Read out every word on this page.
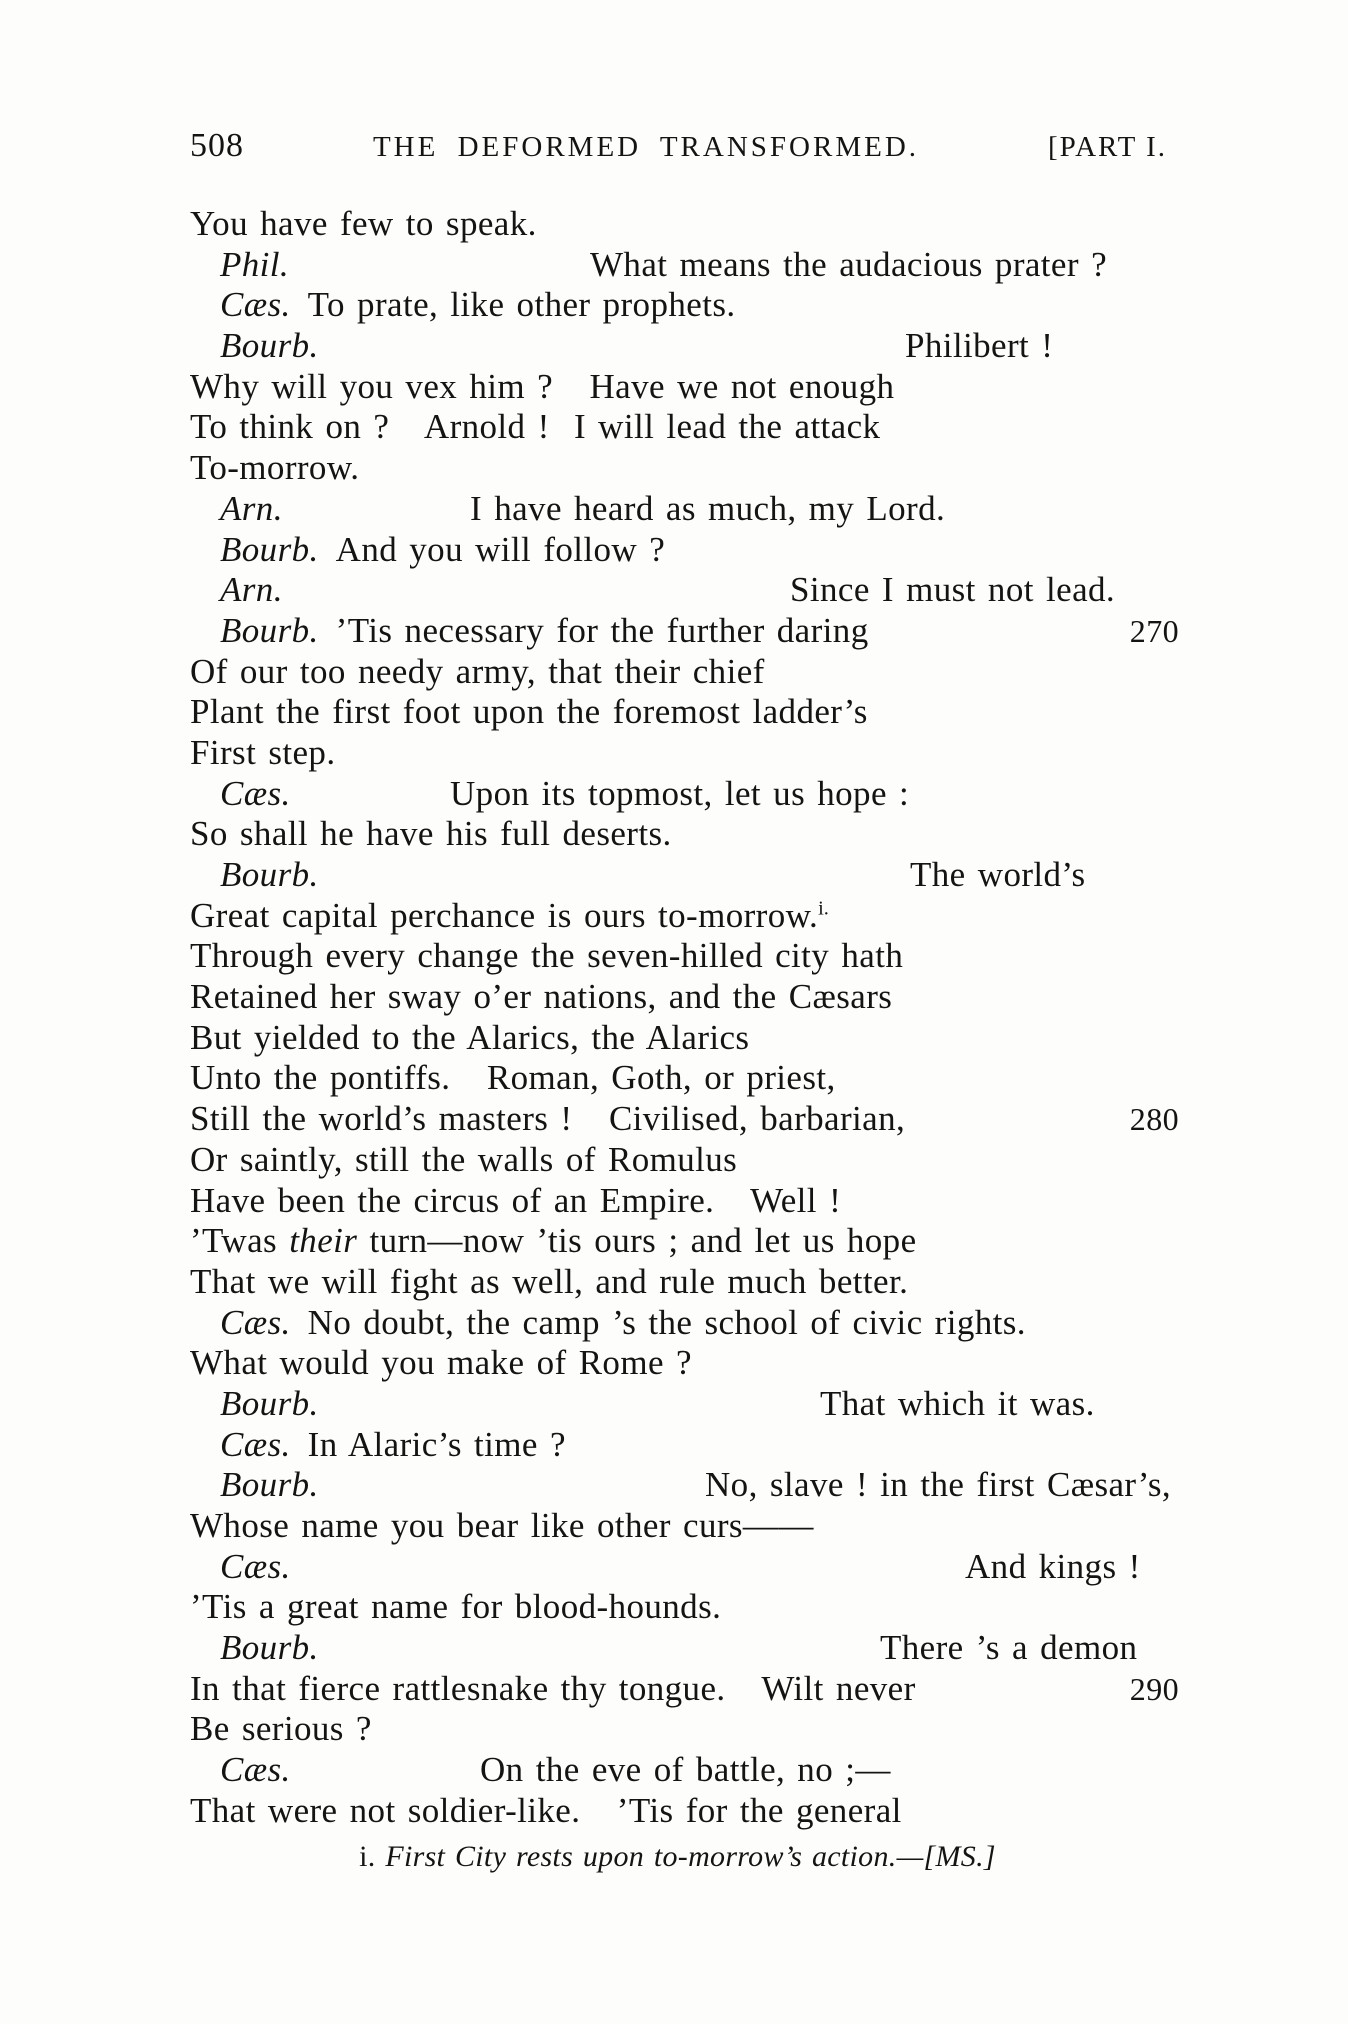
508	THE DEFORMED TRANSFORMED.	[PART I.
You have few to speak.
Phil.	What means the audacious prater ?
Cæs. To prate, like other prophets.
Bourb.	Philibert !
Why will you vex him ?   Have we not enough
To think on ?   Arnold !  I will lead the attack
To-morrow.
Arn.	I have heard as much, my Lord.
Bourb. And you will follow ?
Arn.	Since I must not lead.
Bourb. ’Tis necessary for the further daring	270
Of our too needy army, that their chief
Plant the first foot upon the foremost ladder’s
First step.
Cæs.	Upon its topmost, let us hope :
So shall he have his full deserts.
Bourb.	The world’s
Great capital perchance is ours to-morrow.$^{i.}$
Through every change the seven-hilled city hath
Retained her sway o’er nations, and the Cæsars
But yielded to the Alarics, the Alarics
Unto the pontiffs.   Roman, Goth, or priest,
Still the world’s masters !   Civilised, barbarian,	280
Or saintly, still the walls of Romulus
Have been the circus of an Empire.   Well !
’Twas their turn—now ’tis ours ; and let us hope
That we will fight as well, and rule much better.
Cæs. No doubt, the camp ’s the school of civic rights.
What would you make of Rome ?
Bourb.	That which it was.
Cæs. In Alaric’s time ?
Bourb.	No, slave ! in the first Cæsar’s,
Whose name you bear like other curs——
Cæs.	And kings !
’Tis a great name for blood-hounds.
Bourb.	There ’s a demon
In that fierce rattlesnake thy tongue.   Wilt never	290
Be serious ?
Cæs.	On the eve of battle, no ;—
That were not soldier-like.   ’Tis for the general
i. First City rests upon to-morrow’s action.—[MS.]
